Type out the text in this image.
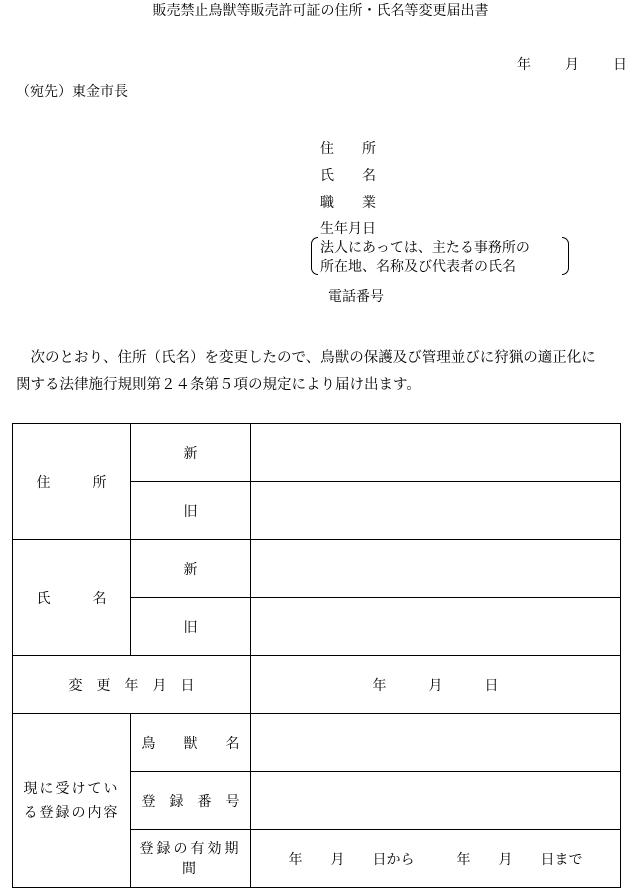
販売禁止鳥獣等販売許可証の住所・氏名等変更届出書
年 月 日
（宛先）東金市長
住　　所
氏　　名
職　　業
生年月日
法人にあっては、主たる事務所の
所在地、名称及び代表者の氏名
電話番号

　次のとおり、住所（氏名）を変更したので、鳥獣の保護及び管理並びに狩猟の適正化に

関する法律施行規則第２４条第５項の規定により届け出ます。

住　　　所	新	
	旧	
氏　　　名	新	
	旧	
変　更　年　月　日		年　　　月　　　日

現に受けている登録の内容	鳥　　獣　　名	
	登　録　番　号	

	登録の有効期間	年　　月　　日から　　　年　　月　　日まで
